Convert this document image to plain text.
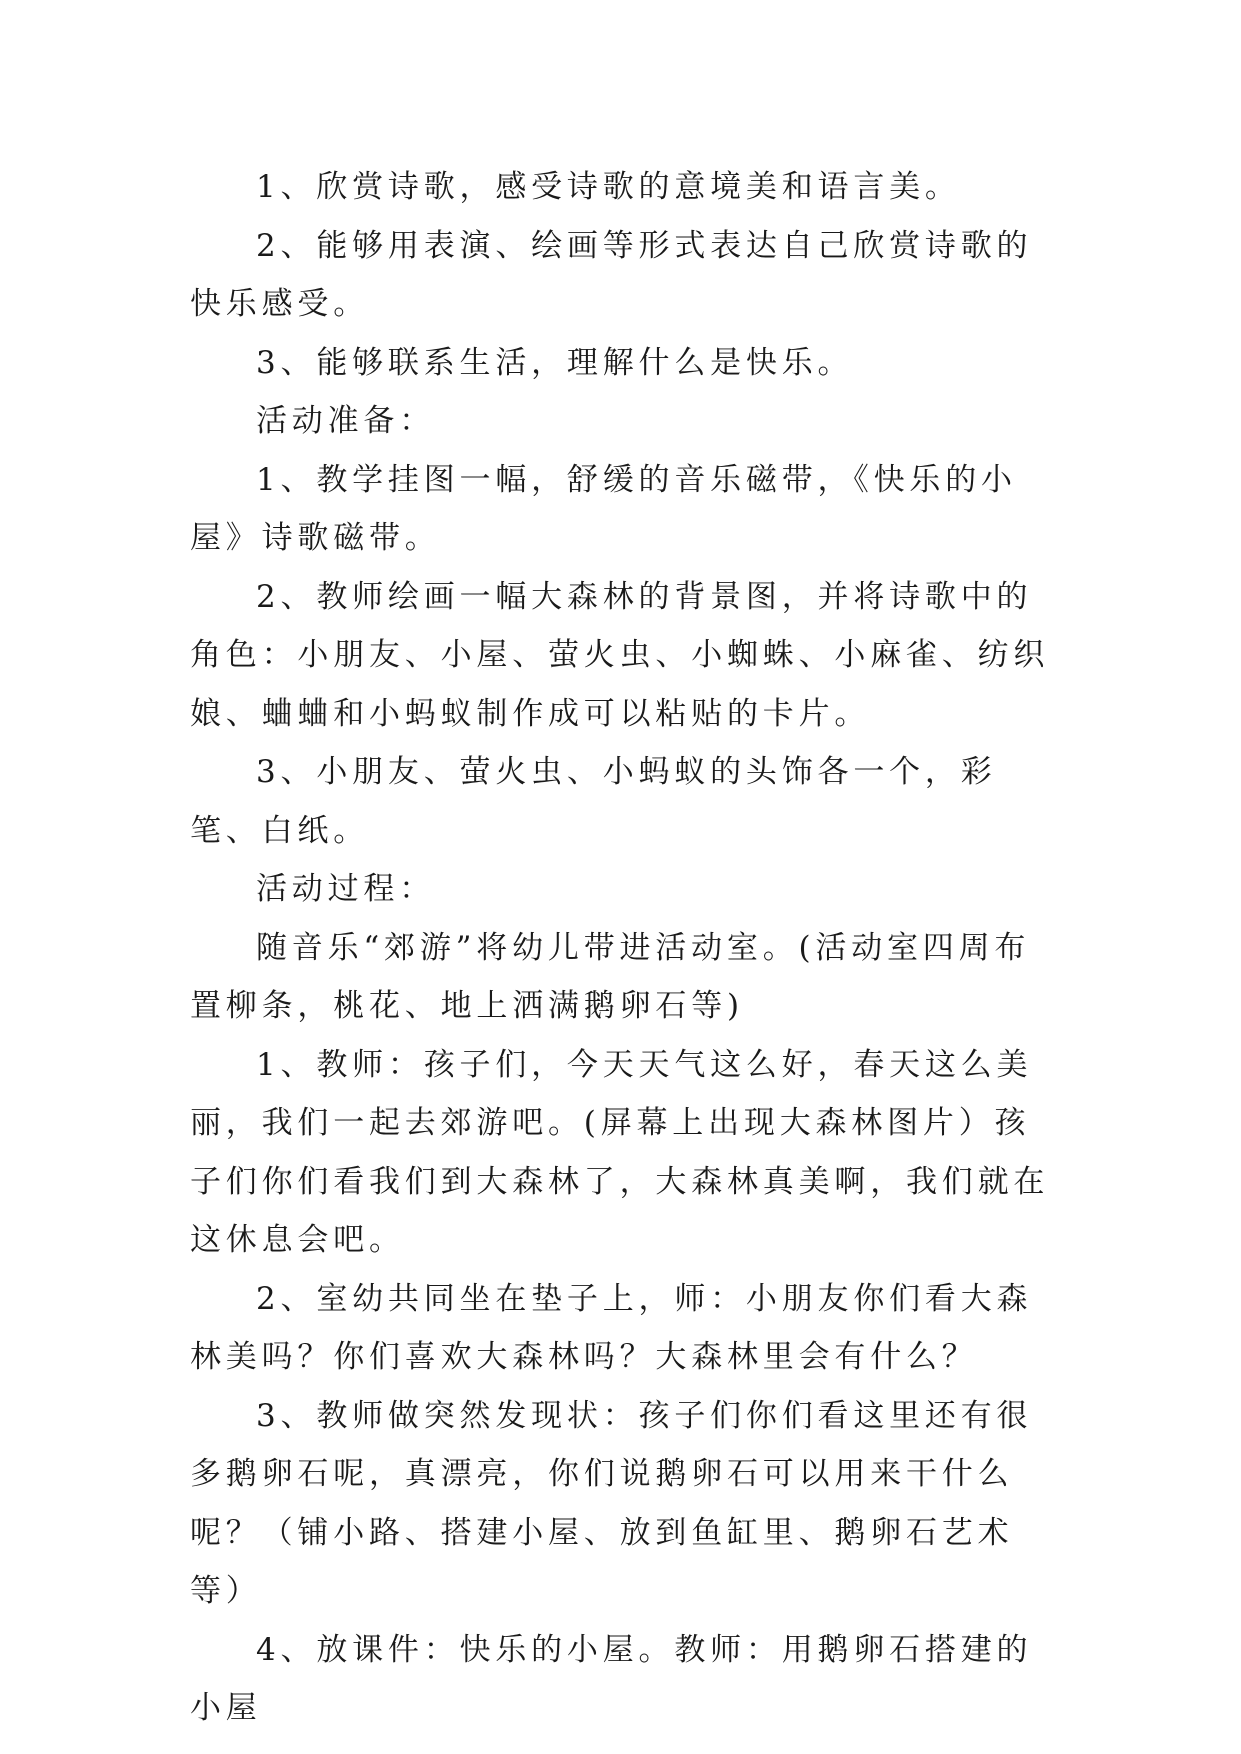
1、欣赏诗歌，感受诗歌的意境美和语言美。

2、能够用表演、绘画等形式表达自己欣赏诗歌的快乐感受。

3、能够联系生活，理解什么是快乐。

活动准备：

1、教学挂图一幅，舒缓的音乐磁带，《快乐的小屋》诗歌磁带。

2、教师绘画一幅大森林的背景图，并将诗歌中的角色：小朋友、小屋、萤火虫、小蜘蛛、小麻雀、纺织娘、蛐蛐和小蚂蚁制作成可以粘贴的卡片。

3、小朋友、萤火虫、小蚂蚁的头饰各一个，彩笔、白纸。

活动过程：

随音乐“郊游”将幼儿带进活动室。(活动室四周布置柳条，桃花、地上洒满鹅卵石等)

1、教师：孩子们，今天天气这么好，春天这么美丽，我们一起去郊游吧。(屏幕上出现大森林图片）孩子们你们看我们到大森林了，大森林真美啊，我们就在这休息会吧。

2、室幼共同坐在垫子上，师：小朋友你们看大森林美吗？你们喜欢大森林吗？大森林里会有什么？

3、教师做突然发现状：孩子们你们看这里还有很多鹅卵石呢，真漂亮，你们说鹅卵石可以用来干什么呢？（铺小路、搭建小屋、放到鱼缸里、鹅卵石艺术等）

4、放课件：快乐的小屋。教师：用鹅卵石搭建的小屋
